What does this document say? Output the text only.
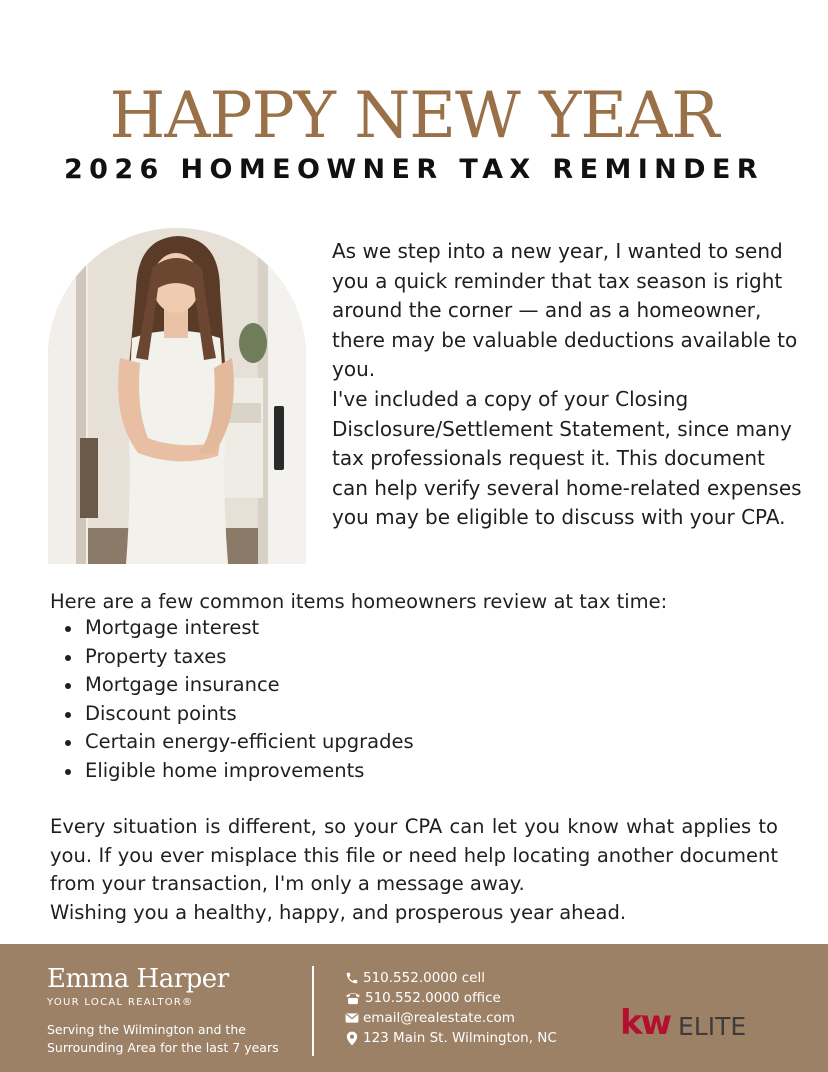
HAPPY NEW YEAR
2026 HOMEOWNER TAX REMINDER

As we step into a new year, I wanted to send you a quick reminder that tax season is right around the corner — and as a homeowner, there may be valuable deductions available to you.

I've included a copy of your Closing Disclosure/Settlement Statement, since many tax professionals request it. This document can help verify several home-related expenses you may be eligible to discuss with your CPA.

Here are a few common items homeowners review at tax time:
Mortgage interest
Property taxes
Mortgage insurance
Discount points
Certain energy-efficient upgrades
Eligible home improvements

Every situation is different, so your CPA can let you know what applies to you. If you ever misplace this file or need help locating another document from your transaction, I'm only a message away.

Wishing you a healthy, happy, and prosperous year ahead.

Emma Harper
YOUR LOCAL REALTOR®
Serving the Wilmington and the Surrounding Area for the last 7 years
510.552.0000 cell
510.552.0000 office
email@realestate.com
123 Main St. Wilmington, NC kw ELITE
